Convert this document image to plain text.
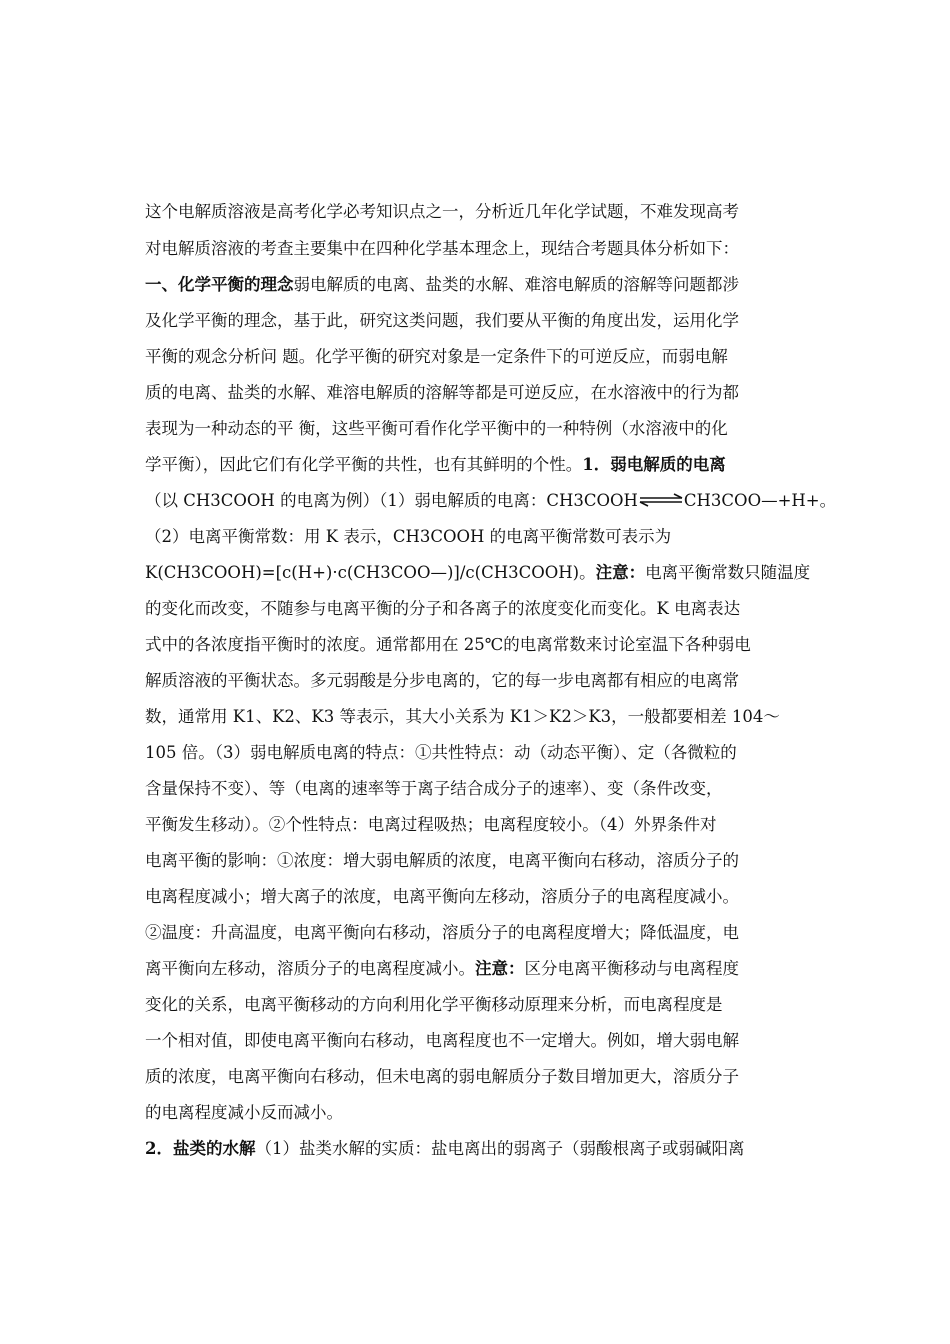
这个电解质溶液是高考化学必考知识点之一，分析近几年化学试题，不难发现高考
对电解质溶液的考查主要集中在四种化学基本理念上，现结合考题具体分析如下：
一、化学平衡的理念弱电解质的电离、盐类的水解、难溶电解质的溶解等问题都涉
及化学平衡的理念，基于此，研究这类问题，我们要从平衡的角度出发，运用化学
平衡的观念分析问 题。化学平衡的研究对象是一定条件下的可逆反应，而弱电解
质的电离、盐类的水解、难溶电解质的溶解等都是可逆反应，在水溶液中的行为都
表现为一种动态的平 衡，这些平衡可看作化学平衡中的一种特例（水溶液中的化
学平衡），因此它们有化学平衡的共性，也有其鲜明的个性。1．弱电解质的电离
（以 CH3COOH 的电离为例）（1）弱电解质的电离：CH3COOH	CH3COO—+H+。
（2）电离平衡常数：用 K 表示，CH3COOH 的电离平衡常数可表示为
K(CH3COOH)=[c(H+)·c(CH3COO—)]/c(CH3COOH)。注意：电离平衡常数只随温度
的变化而改变，不随参与电离平衡的分子和各离子的浓度变化而变化。K 电离表达
式中的各浓度指平衡时的浓度。通常都用在 25℃的电离常数来讨论室温下各种弱电
解质溶液的平衡状态。多元弱酸是分步电离的，它的每一步电离都有相应的电离常
数，通常用 K1、K2、K3 等表示，其大小关系为 K1＞K2＞K3，一般都要相差 104～
105 倍。（3）弱电解质电离的特点：①共性特点：动（动态平衡）、定（各微粒的
含量保持不变）、等（电离的速率等于离子结合成分子的速率）、变（条件改变，
平衡发生移动）。②个性特点：电离过程吸热；电离程度较小。（4）外界条件对
电离平衡的影响：①浓度：增大弱电解质的浓度，电离平衡向右移动，溶质分子的
电离程度减小；增大离子的浓度，电离平衡向左移动，溶质分子的电离程度减小。
②温度：升高温度，电离平衡向右移动，溶质分子的电离程度增大；降低温度，电
离平衡向左移动，溶质分子的电离程度减小。注意：区分电离平衡移动与电离程度
变化的关系，电离平衡移动的方向利用化学平衡移动原理来分析，而电离程度是
一个相对值，即使电离平衡向右移动，电离程度也不一定增大。例如，增大弱电解
质的浓度，电离平衡向右移动，但未电离的弱电解质分子数目增加更大，溶质分子
的电离程度减小反而减小。
2．盐类的水解（1）盐类水解的实质：盐电离出的弱离子（弱酸根离子或弱碱阳离
